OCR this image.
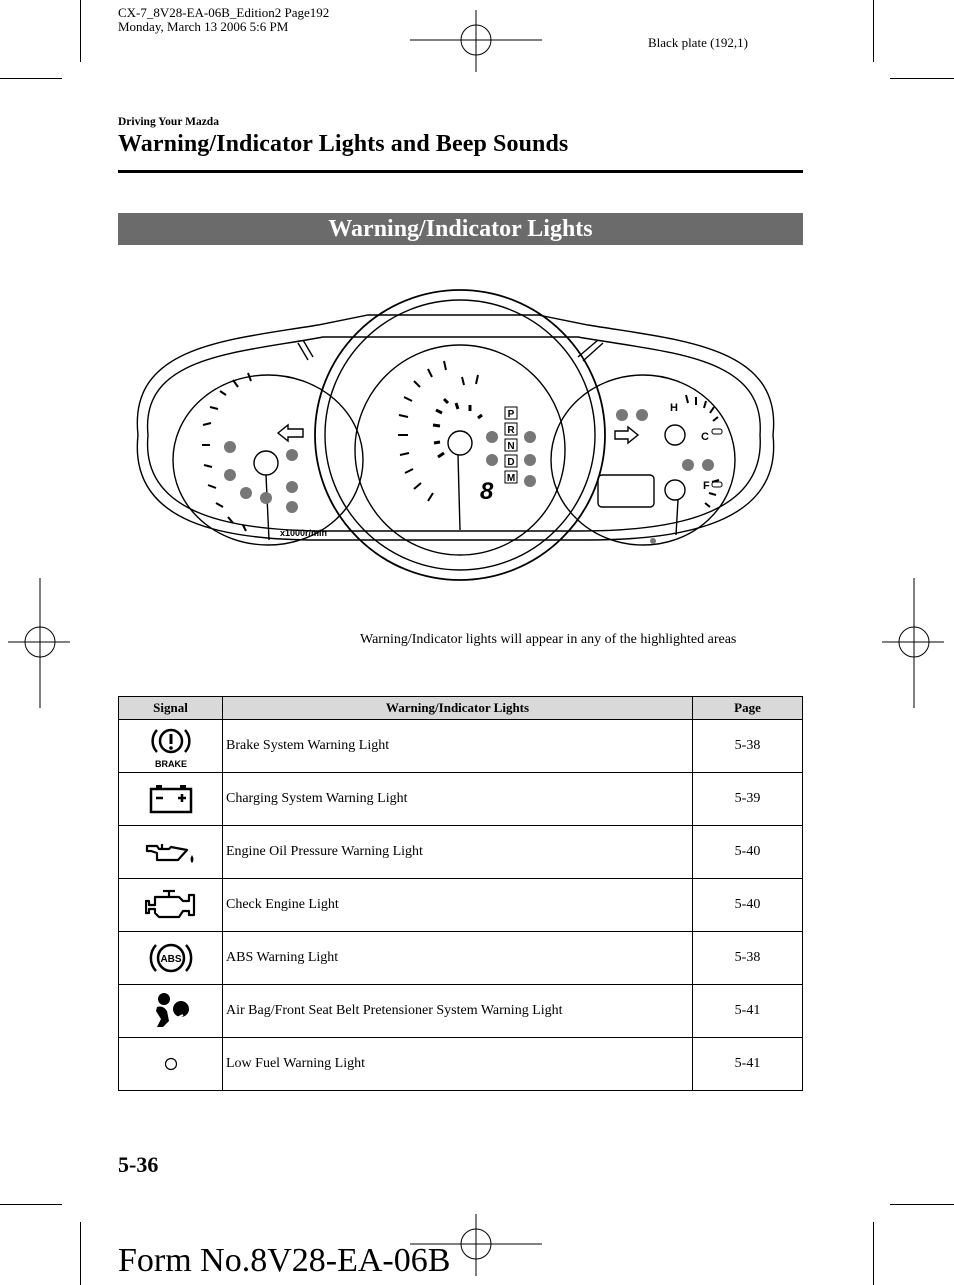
CX-7_8V28-EA-06B_Edition2 Page192
Monday, March 13 2006 5:6 PM
Black plate (192,1)
Driving Your Mazda
Warning/Indicator Lights and Beep Sounds
Warning/Indicator Lights
x1000r/min
8
P
R
N
D
M
H
C
F
Warning/Indicator lights will appear in any of the highlighted areas
Signal	Warning/Indicator Lights	Page

BRAKE	Brake System Warning Light	5-38

	Charging System Warning Light	5-39

	Engine Oil Pressure Warning Light	5-40

	Check Engine Light	5-40

ABS	ABS Warning Light	5-38

	Air Bag/Front Seat Belt Pretensioner System Warning Light	5-41

	Low Fuel Warning Light	5-41
5-36
Form No.8V28-EA-06B
